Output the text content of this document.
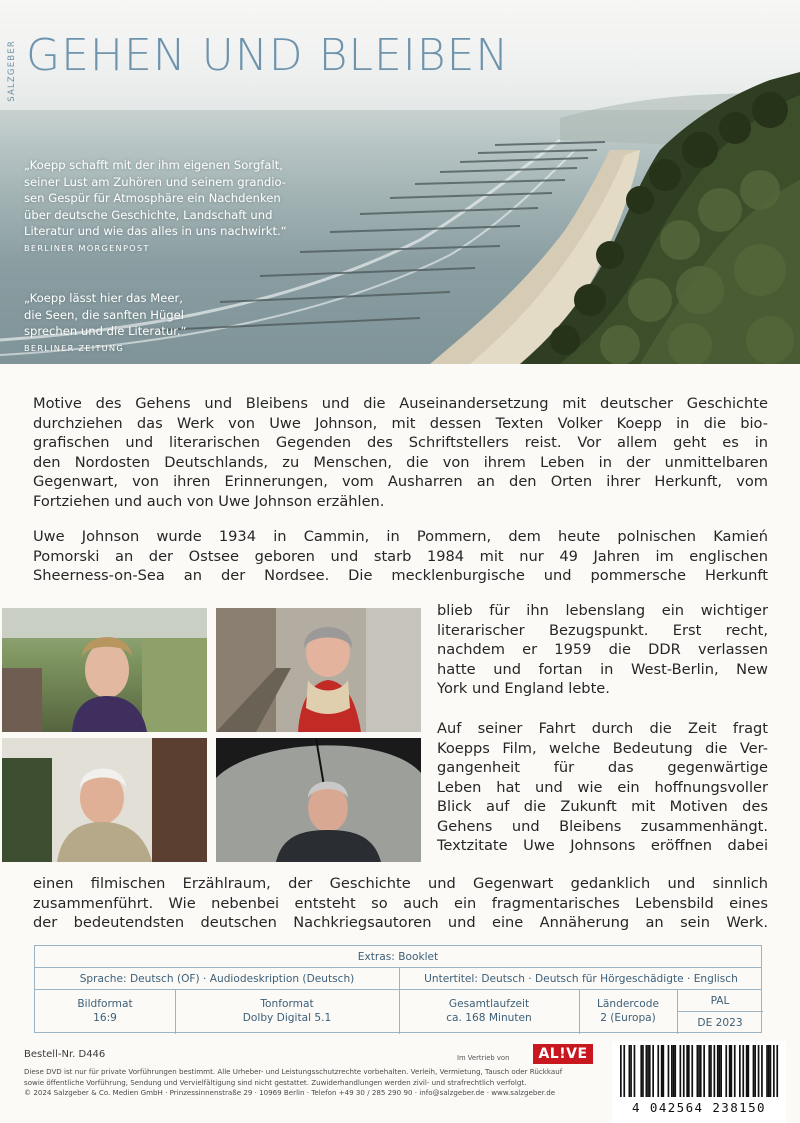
SALZGEBER GEHEN UND BLEIBEN

„Koepp schafft mit der ihm eigenen Sorgfalt,

seiner Lust am Zuhören und seinem grandio-

sen Gespür für Atmosphäre ein Nachdenken

über deutsche Geschichte, Landschaft und

Literatur und wie das alles in uns nachwirkt.“

BERLINER MORGENPOST

„Koepp lässt hier das Meer,

die Seen, die sanften Hügel

sprechen und die Literatur.“

BERLINER ZEITUNG
Motive des Gehens und Bleibens und die Auseinandersetzung mit deutscher Geschichte
durchziehen das Werk von Uwe Johnson, mit dessen Texten Volker Koepp in die bio-
grafischen und literarischen Gegenden des Schriftstellers reist. Vor allem geht es in
den Nordosten Deutschlands, zu Menschen, die von ihrem Leben in der unmittelbaren
Gegenwart, von ihren Erinnerungen, vom Ausharren an den Orten ihrer Herkunft, vom
Fortziehen und auch von Uwe Johnson erzählen.
Uwe Johnson wurde 1934 in Cammin, in Pommern, dem heute polnischen Kamień
Pomorski an der Ostsee geboren und starb 1984 mit nur 49 Jahren im englischen
Sheerness-on-Sea an der Nordsee. Die mecklenburgische und pommersche Herkunft
blieb für ihn lebenslang ein wichtiger
literarischer Bezugspunkt. Erst recht,
nachdem er 1959 die DDR verlassen
hatte und fortan in West-Berlin, New
York und England lebte.
Auf seiner Fahrt durch die Zeit fragt
Koepps Film, welche Bedeutung die Ver-
gangenheit für das gegenwärtige
Leben hat und wie ein hoffnungsvoller
Blick auf die Zukunft mit Motiven des
Gehens und Bleibens zusammenhängt.
Textzitate Uwe Johnsons eröffnen dabei
einen filmischen Erzählraum, der Geschichte und Gegenwart gedanklich und sinnlich
zusammenführt. Wie nebenbei entsteht so auch ein fragmentarisches Lebensbild eines
der bedeutendsten deutschen Nachkriegsautoren und eine Annäherung an sein Werk.
Extras: Booklet
Sprache: Deutsch (OF) · Audiodeskription (Deutsch)	Untertitel: Deutsch · Deutsch für Hörgeschädigte · Englisch
Bildformat
16:9
Tonformat
Dolby Digital 5.1
Gesamtlaufzeit
ca. 168 Minuten
Ländercode
2 (Europa)
PAL
DE 2023
Bestell-Nr. D446
Diese DVD ist nur für private Vorführungen bestimmt. Alle Urheber- und Leistungsschutzrechte vorbehalten. Verleih, Vermietung, Tausch oder Rückkauf
sowie öffentliche Vorführung, Sendung und Vervielfältigung sind nicht gestattet. Zuwiderhandlungen werden zivil- und strafrechtlich verfolgt.
© 2024 Salzgeber & Co. Medien GmbH · Prinzessinnenstraße 29 · 10969 Berlin · Telefon +49 30 / 285 290 90 · info@salzgeber.de · www.salzgeber.de
Im Vertrieb von	AL!VE
4 042564 238150
